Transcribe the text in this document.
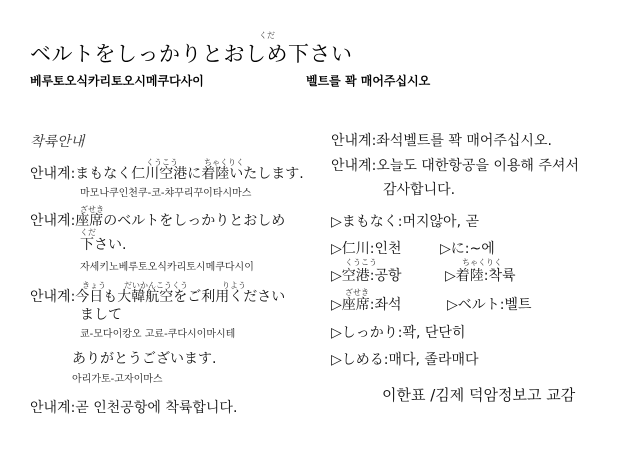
くだ
ベルトをしっかりとおしめ下さい
베루토오식카리토오시메쿠다사이	벨트를 꽉 매어주십시오
착륙안내
くうこう	ちゃくりく
안내계:まもなく仁川空港に着陸いたします.
마모나쿠인천쿠-코-챠꾸리꾸이타시마스
ざせき
안내계:座席のベルトをしっかりとおしめ
くだ
下さい.
자세키노베루토오식카리토시메쿠다시이
きょう だいかんこうくう	りよう
안내계:今日も大韓航空をご利用ください
まして
쿄-모다이캉오 고료-쿠다시이마시테
ありがとうございます.
아리가토-고자이마스
안내계:곧 인천공항에 착륙합니다.
안내계:좌석벨트를 꽉 매어주십시오.
안내계:오늘도 대한항공을 이용해 주셔서
감사합니다.
▷まもなく:머지않아, 곧
▷仁川:인천	▷に:~에
くうこう	ちゃくりく
▷空港:공항	▷着陸:착륙
ざせき
▷座席:좌석	▷ベルト:벨트
▷しっかり:꽉, 단단히
▷しめる:매다, 졸라매다
이한표 /김제 덕암정보고 교감
